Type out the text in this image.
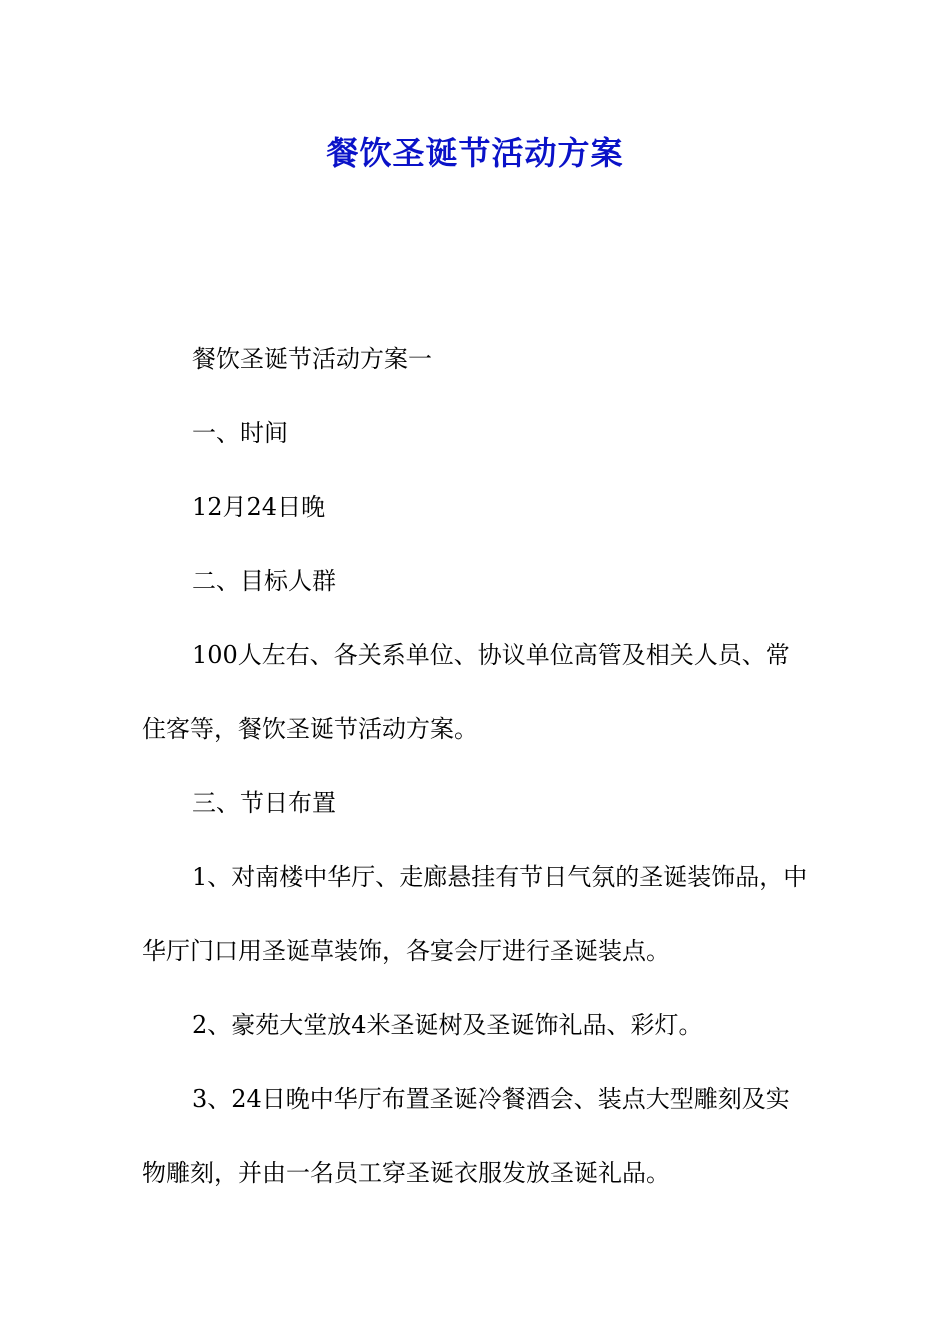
餐饮圣诞节活动方案

餐饮圣诞节活动方案一

一、时间

12月24日晚

二、目标人群

100人左右、各关系单位、协议单位高管及相关人员、常
住客等，餐饮圣诞节活动方案。

三、节日布置

1、对南楼中华厅、走廊悬挂有节日气氛的圣诞装饰品，中
华厅门口用圣诞草装饰，各宴会厅进行圣诞装点。

2、豪苑大堂放4米圣诞树及圣诞饰礼品、彩灯。

3、24日晚中华厅布置圣诞冷餐酒会、装点大型雕刻及实
物雕刻，并由一名员工穿圣诞衣服发放圣诞礼品。
